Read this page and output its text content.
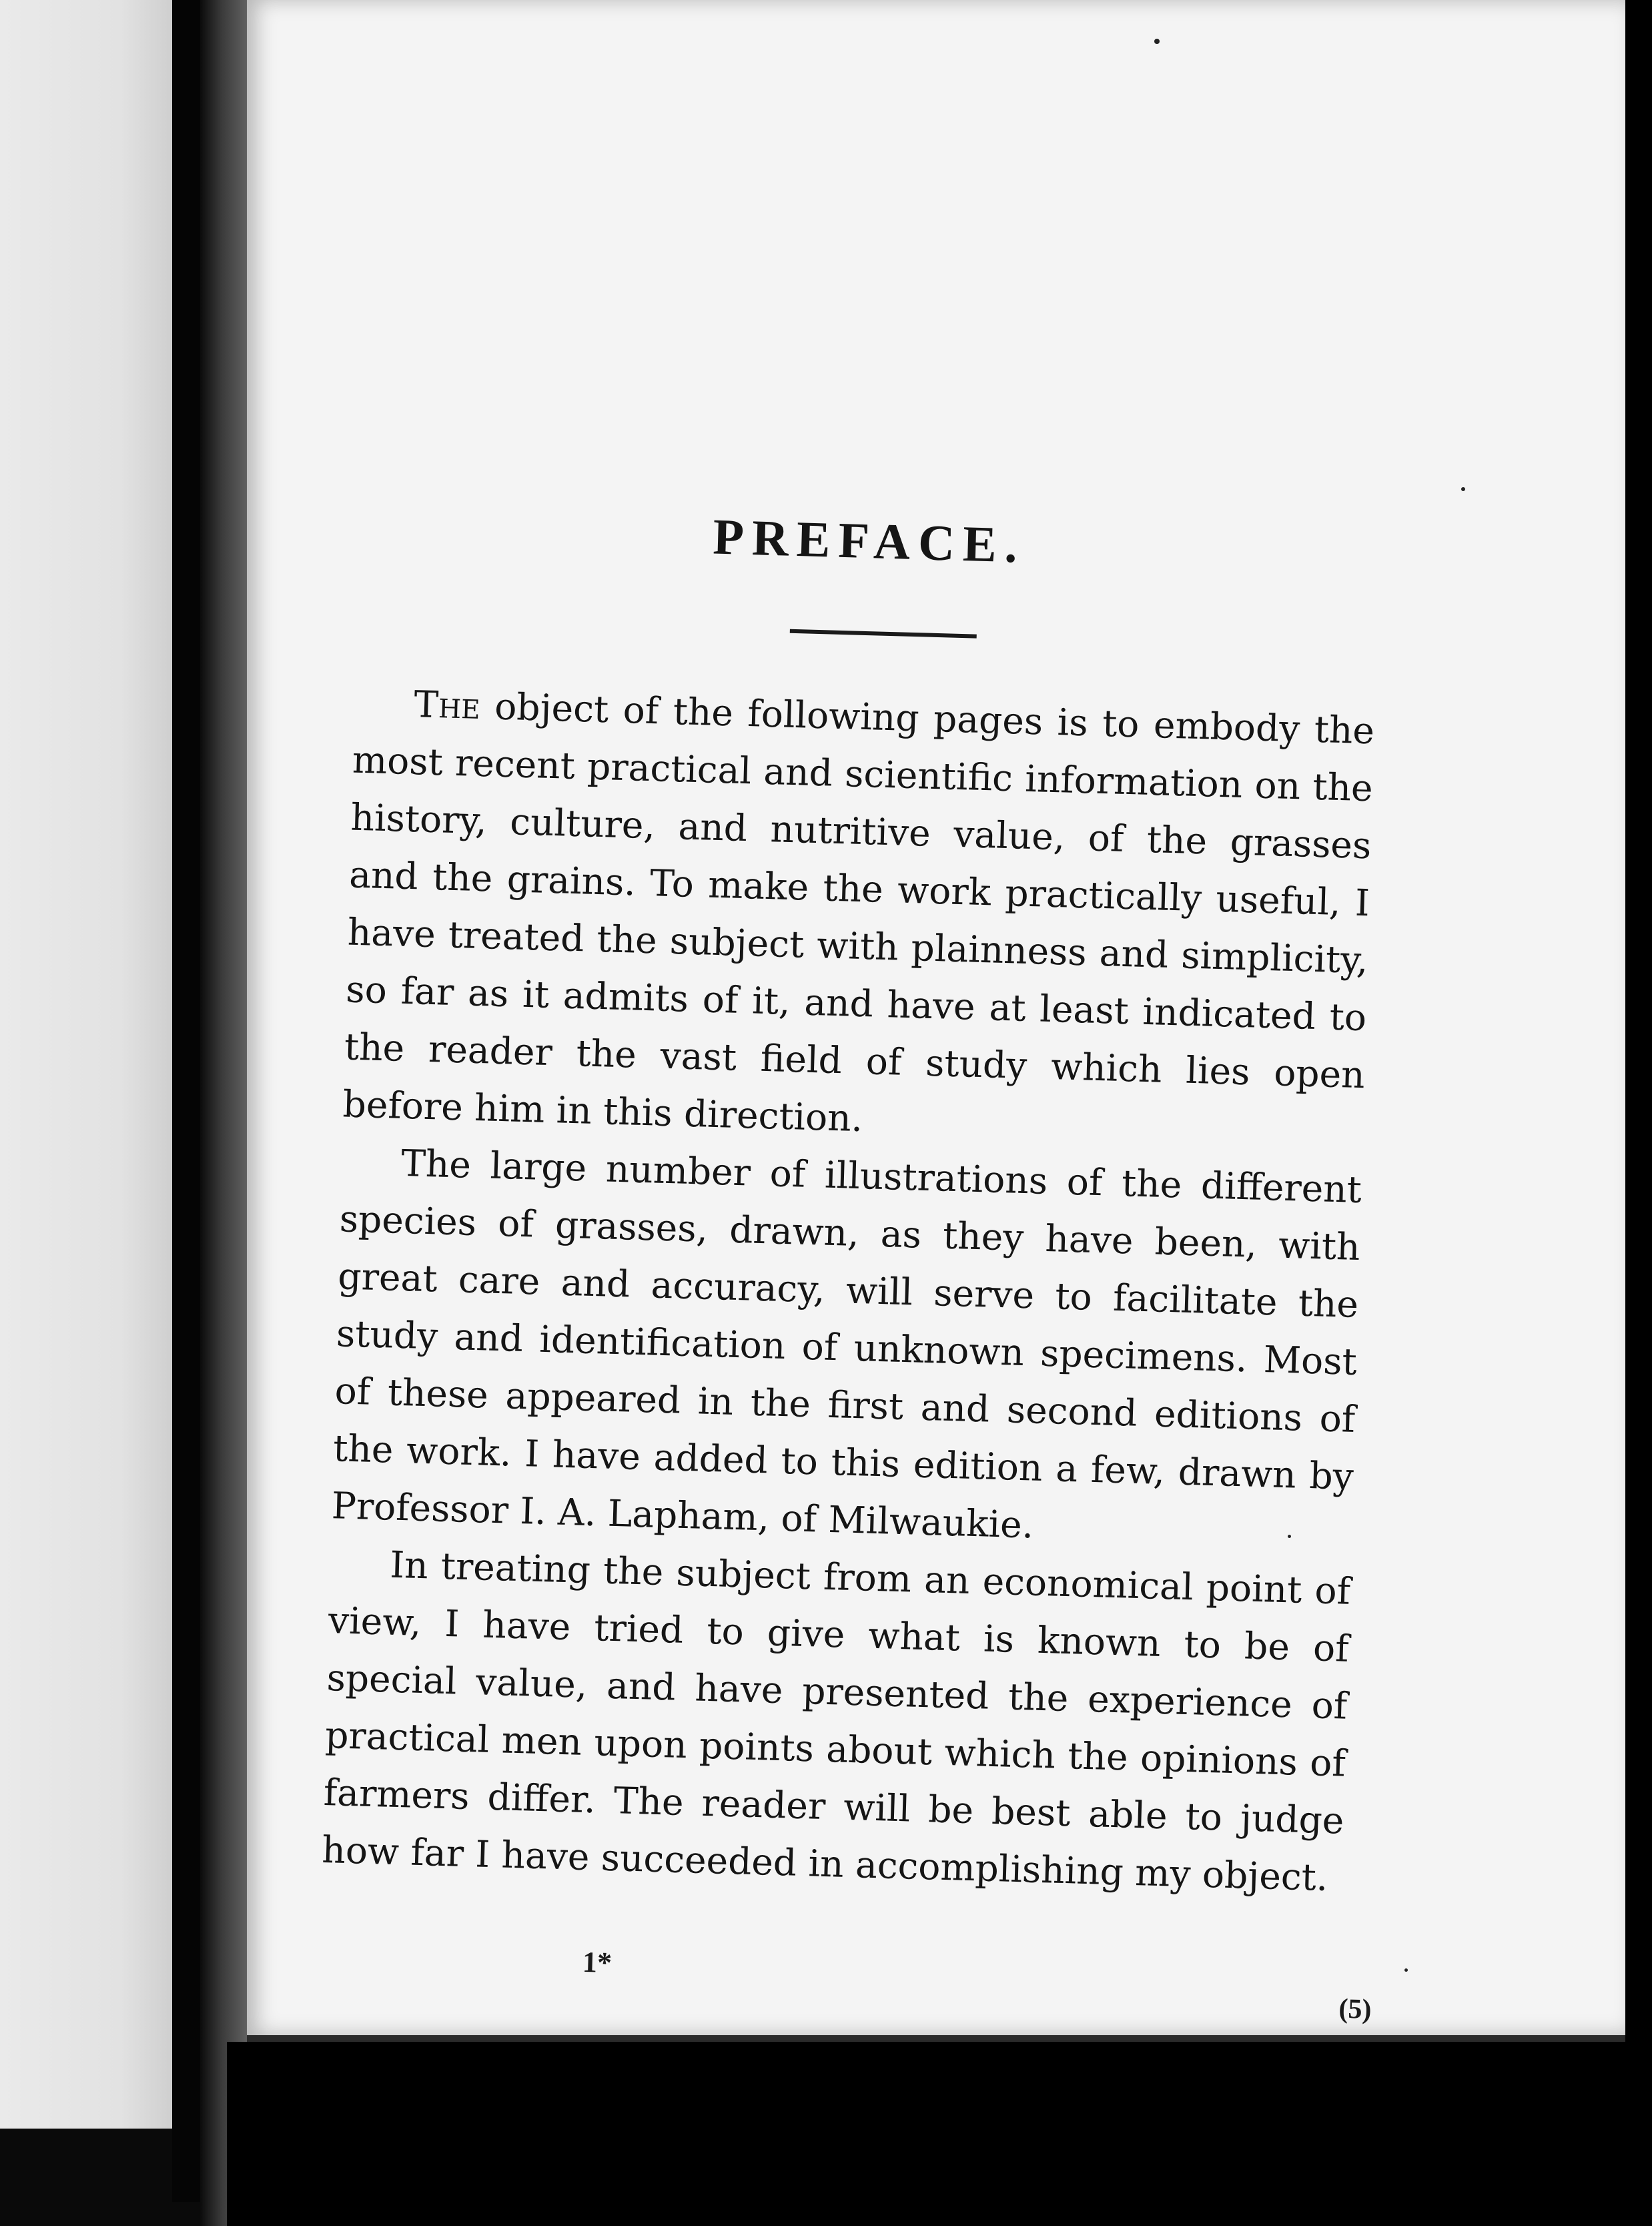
PREFACE.

The object of the following pages is to embody the most recent practical and scientific information on the history, culture, and nutritive value, of the grasses and the grains. To make the work practically useful, I have treated the subject with plainness and simplicity, so far as it admits of it, and have at least indicated to the reader the vast field of study which lies open before him in this direction.

The large number of illustrations of the different species of grasses, drawn, as they have been, with great care and accuracy, will serve to facilitate the study and identification of unknown specimens. Most of these appeared in the first and second editions of the work. I have added to this edition a few, drawn by Professor I. A. Lapham, of Milwaukie.

In treating the subject from an economical point of view, I have tried to give what is known to be of special value, and have presented the experience of practical men upon points about which the opinions of farmers differ. The reader will be best able to judge how far I have succeeded in accomplishing my object.

1*
(5)
